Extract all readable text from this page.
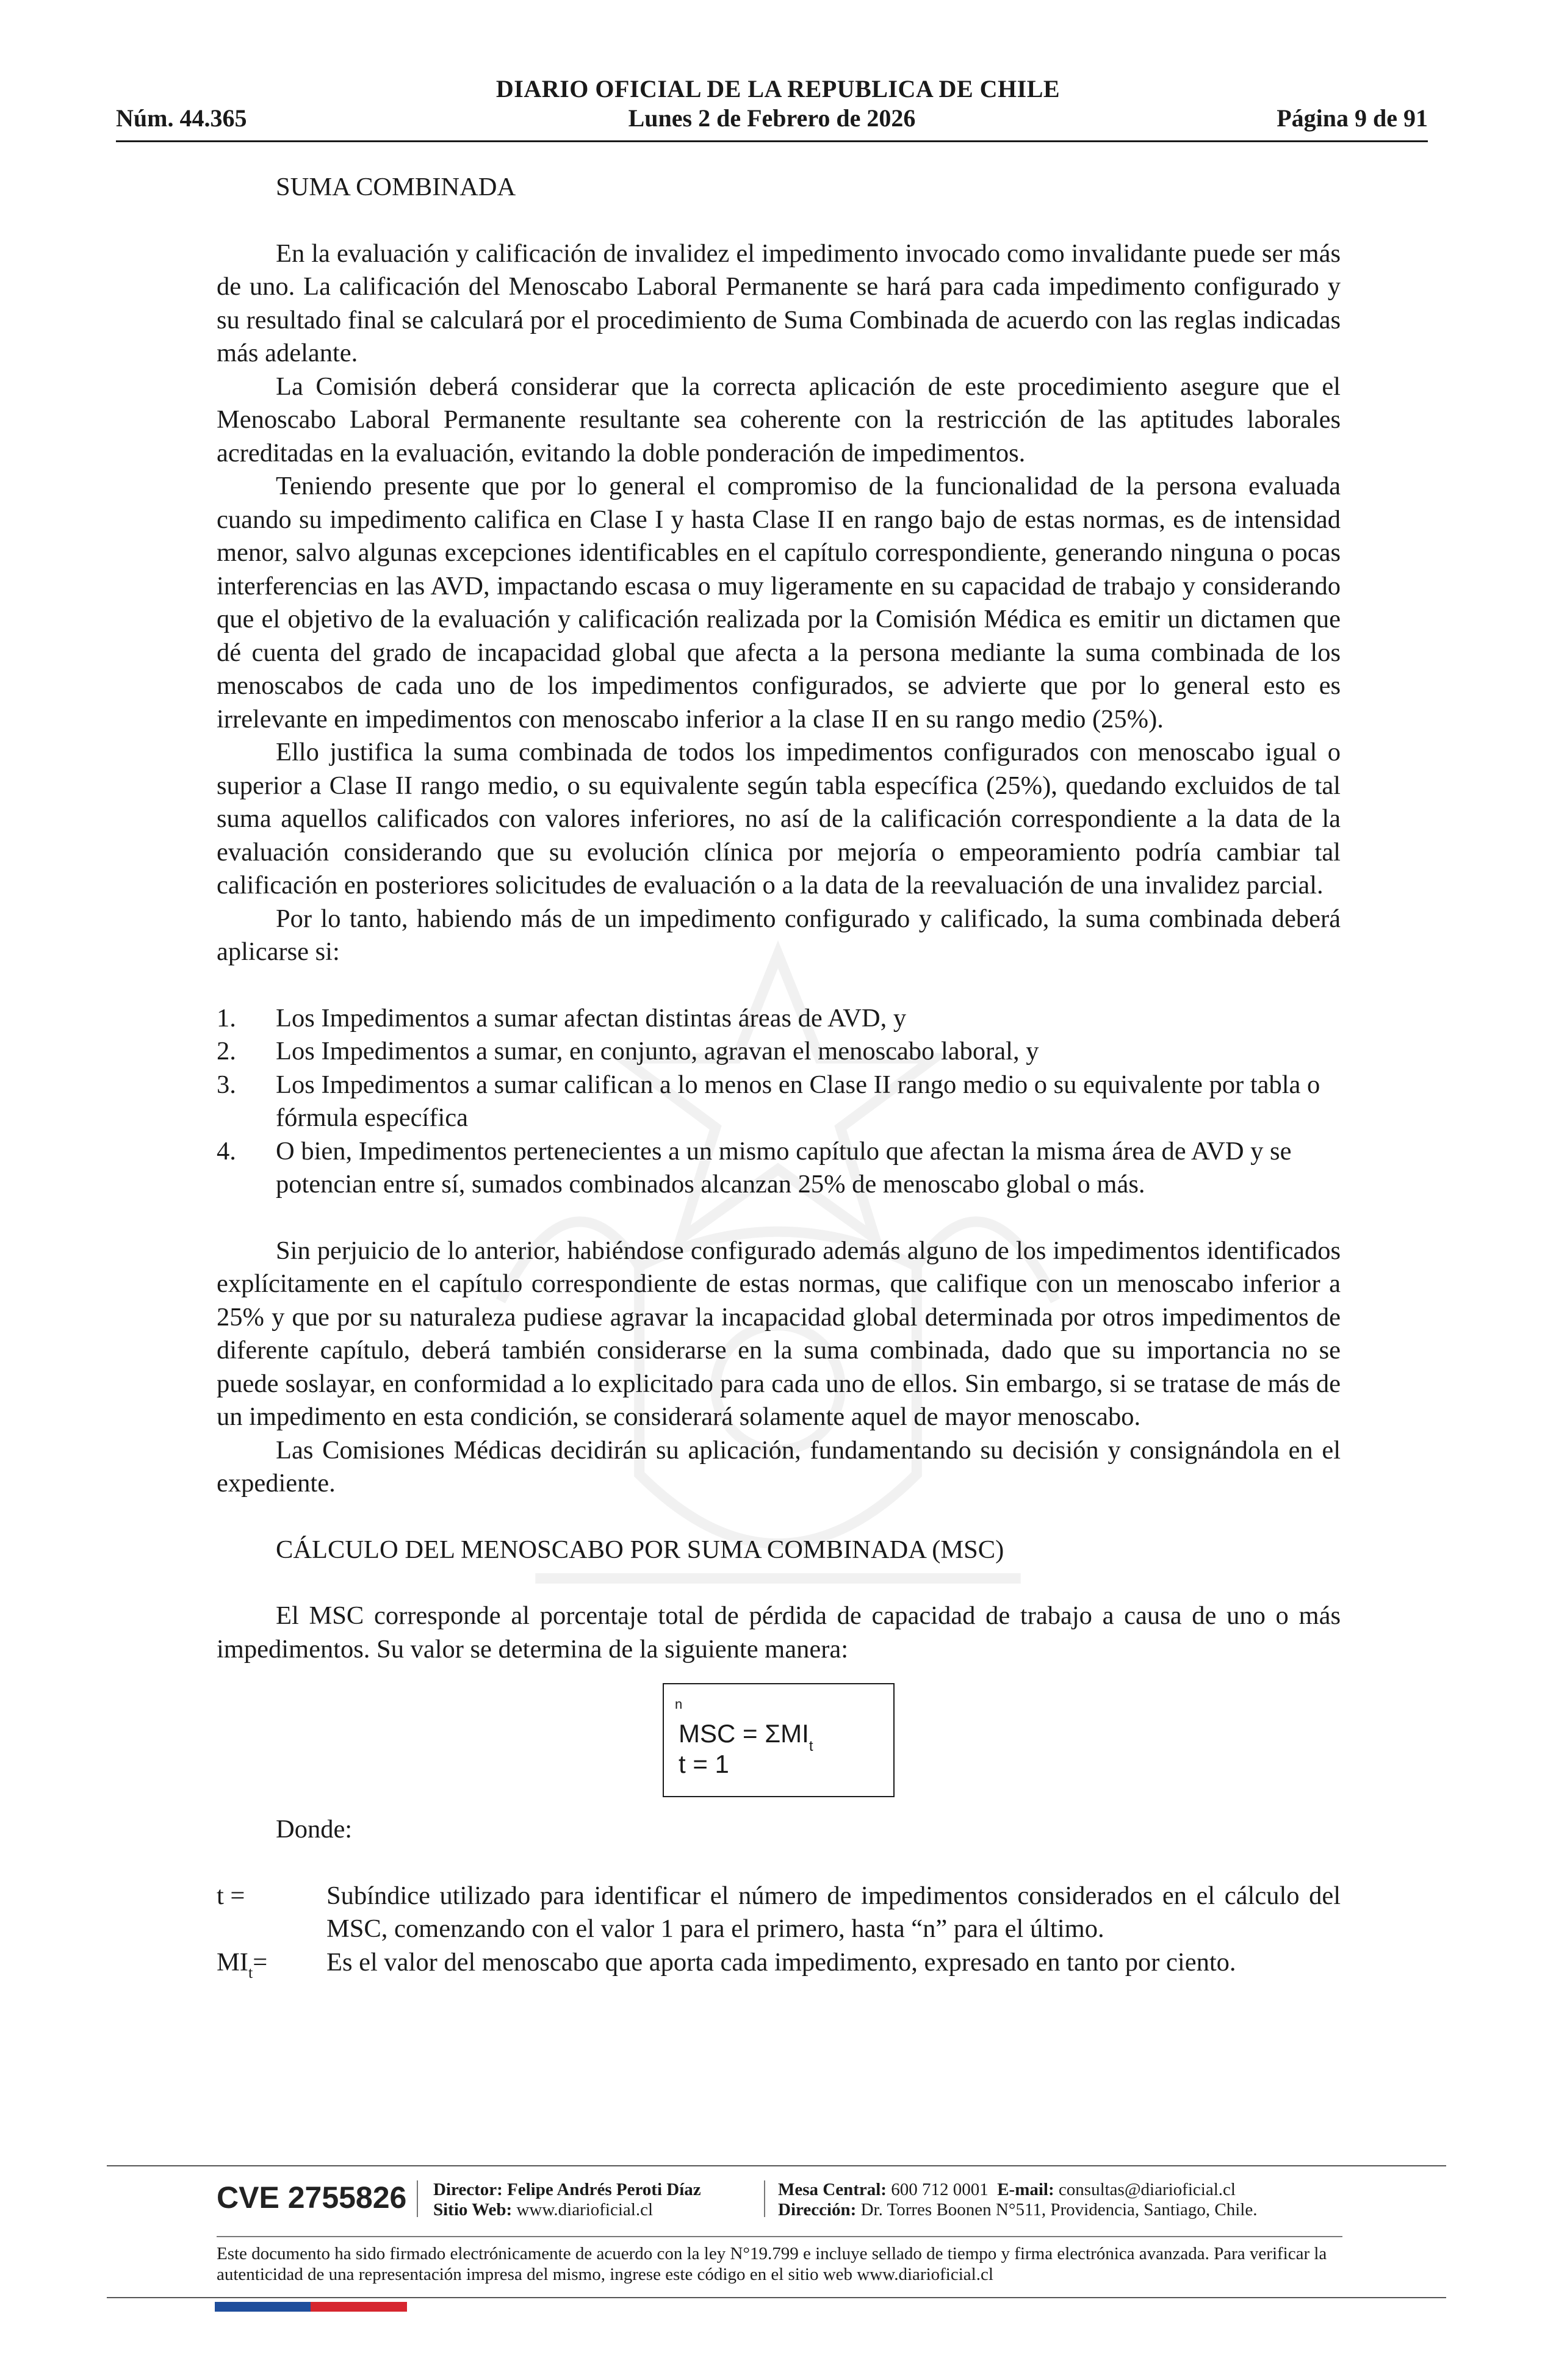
DIARIO OFICIAL DE LA REPUBLICA DE CHILE
Núm. 44.365	Lunes 2 de Febrero de 2026	Página 9 de 91

SUMA COMBINADA

En la evaluación y calificación de invalidez el impedimento invocado como invalidante puede ser más de uno. La calificación del Menoscabo Laboral Permanente se hará para cada impedimento configurado y su resultado final se calculará por el procedimiento de Suma Combinada de acuerdo con las reglas indicadas más adelante.

La Comisión deberá considerar que la correcta aplicación de este procedimiento asegure que el Menoscabo Laboral Permanente resultante sea coherente con la restricción de las aptitudes laborales acreditadas en la evaluación, evitando la doble ponderación de impedimentos.

Teniendo presente que por lo general el compromiso de la funcionalidad de la persona evaluada cuando su impedimento califica en Clase I y hasta Clase II en rango bajo de estas normas, es de intensidad menor, salvo algunas excepciones identificables en el capítulo correspondiente, generando ninguna o pocas interferencias en las AVD, impactando escasa o muy ligeramente en su capacidad de trabajo y considerando que el objetivo de la evaluación y calificación realizada por la Comisión Médica es emitir un dictamen que dé cuenta del grado de incapacidad global que afecta a la persona mediante la suma combinada de los menoscabos de cada uno de los impedimentos configurados, se advierte que por lo general esto es irrelevante en impedimentos con menoscabo inferior a la clase II en su rango medio (25%).

Ello justifica la suma combinada de todos los impedimentos configurados con menoscabo igual o superior a Clase II rango medio, o su equivalente según tabla específica (25%), quedando excluidos de tal suma aquellos calificados con valores inferiores, no así de la calificación correspondiente a la data de la evaluación considerando que su evolución clínica por mejoría o empeoramiento podría cambiar tal calificación en posteriores solicitudes de evaluación o a la data de la reevaluación de una invalidez parcial.

Por lo tanto, habiendo más de un impedimento configurado y calificado, la suma combinada deberá aplicarse si:

1.	Los Impedimentos a sumar afectan distintas áreas de AVD, y
2.	Los Impedimentos a sumar, en conjunto, agravan el menoscabo laboral, y
3.	Los Impedimentos a sumar califican a lo menos en Clase II rango medio o su equivalente por tabla o fórmula específica
4.	O bien, Impedimentos pertenecientes a un mismo capítulo que afectan la misma área de AVD y se potencian entre sí, sumados combinados alcanzan 25% de menoscabo global o más.

Sin perjuicio de lo anterior, habiéndose configurado además alguno de los impedimentos identificados explícitamente en el capítulo correspondiente de estas normas, que califique con un menoscabo inferior a 25% y que por su naturaleza pudiese agravar la incapacidad global determinada por otros impedimentos de diferente capítulo, deberá también considerarse en la suma combinada, dado que su importancia no se puede soslayar, en conformidad a lo explicitado para cada uno de ellos. Sin embargo, si se tratase de más de un impedimento en esta condición, se considerará solamente aquel de mayor menoscabo.

Las Comisiones Médicas decidirán su aplicación, fundamentando su decisión y consignándola en el expediente.

CÁLCULO DEL MENOSCABO POR SUMA COMBINADA (MSC)

El MSC corresponde al porcentaje total de pérdida de capacidad de trabajo a causa de uno o más impedimentos. Su valor se determina de la siguiente manera:

n
MSC = $\Sigma MI_t$
t = 1

Donde:

t =	Subíndice utilizado para identificar el número de impedimentos considerados en el cálculo del MSC, comenzando con el valor 1 para el primero, hasta “n” para el último.
$MI_t=$	Es el valor del menoscabo que aporta cada impedimento, expresado en tanto por ciento.
CVE 2755826 Director: Felipe Andrés Peroti Díaz
Sitio Web: www.diarioficial.cl
Mesa Central: 600 712 0001 E-mail: consultas@diarioficial.cl
Dirección: Dr. Torres Boonen N°511, Providencia, Santiago, Chile.
Este documento ha sido firmado electrónicamente de acuerdo con la ley N°19.799 e incluye sellado de tiempo y firma electrónica avanzada. Para verificar la autenticidad de una representación impresa del mismo, ingrese este código en el sitio web www.diarioficial.cl
